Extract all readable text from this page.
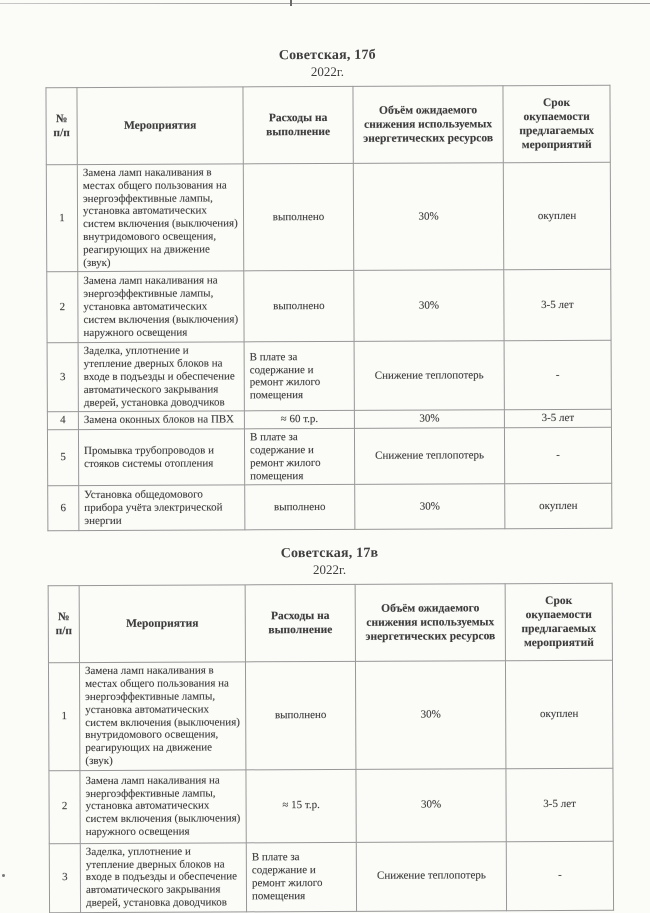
Советская, 17б
2022г.
№ п/п	Мероприятия	Расходы на выполнение	Объём ожидаемого снижения используемых энергетических ресурсов	Срок окупаемости предлагаемых мероприятий
1	Замена ламп накаливания в местах общего пользования на энергоэффективные лампы, установка автоматических систем включения (выключения) внутридомового освещения, реагирующих на движение (звук)	выполнено	30%	окуплен
2	Замена ламп накаливания на энергоэффективные лампы, установка автоматических систем включения (выключения) наружного освещения	выполнено	30%	3-5 лет
3	Заделка, уплотнение и утепление дверных блоков на входе в подъезды и обеспечение автоматического закрывания дверей, установка доводчиков	В плате за содержание и ремонт жилого помещения	Снижение теплопотерь	-
4	Замена оконных блоков на ПВХ	≈ 60 т.р.	30%	3-5 лет
5	Промывка трубопроводов и стояков системы отопления	В плате за содержание и ремонт жилого помещения	Снижение теплопотерь	-
6	Установка общедомового прибора учёта электрической энергии	выполнено	30%	окуплен
Советская, 17в
2022г.
№ п/п	Мероприятия	Расходы на выполнение	Объём ожидаемого снижения используемых энергетических ресурсов	Срок окупаемости предлагаемых мероприятий
1	Замена ламп накаливания в местах общего пользования на энергоэффективные лампы, установка автоматических систем включения (выключения) внутридомового освещения, реагирующих на движение (звук)	выполнено	30%	окуплен
2	Замена ламп накаливания на энергоэффективные лампы, установка автоматических систем включения (выключения) наружного освещения	≈ 15 т.р.	30%	3-5 лет
3	Заделка, уплотнение и утепление дверных блоков на входе в подъезды и обеспечение автоматического закрывания дверей, установка доводчиков	В плате за содержание и ремонт жилого помещения	Снижение теплопотерь	-
